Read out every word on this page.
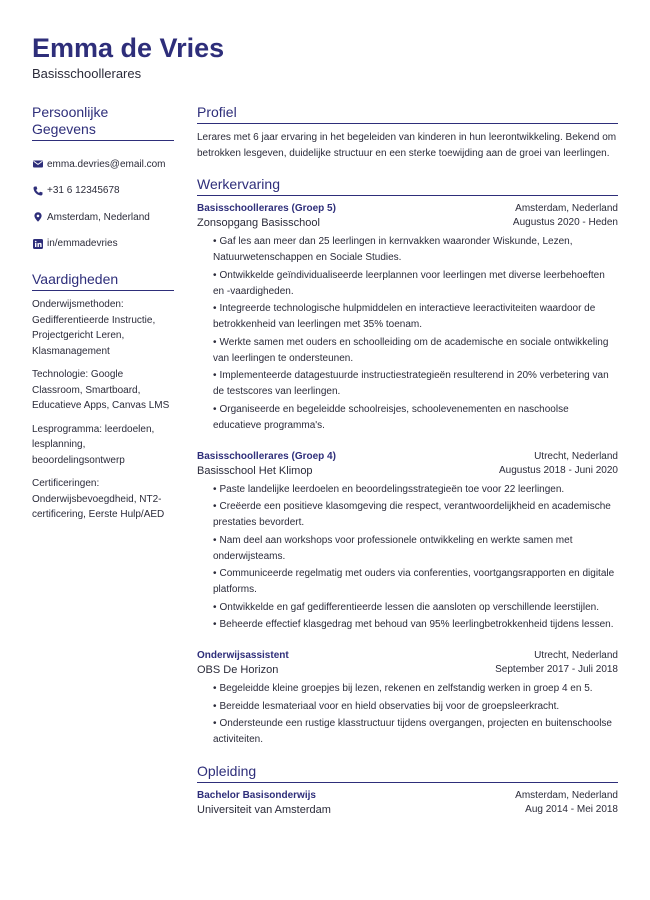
Emma de Vries
Basisschoollerares
Persoonlijke Gegevens
emma.devries@email.com
+31 6 12345678
Amsterdam, Nederland
in/emmadevries
Vaardigheden
Onderwijsmethoden: Gedifferentieerde Instructie, Projectgericht Leren, Klasmanagement
Technologie: Google Classroom, Smartboard, Educatieve Apps, Canvas LMS
Lesprogramma: leerdoelen, lesplanning, beoordelingsontwerp
Certificeringen: Onderwijsbevoegdheid, NT2-certificering, Eerste Hulp/AED
Profiel
Lerares met 6 jaar ervaring in het begeleiden van kinderen in hun leerontwikkeling. Bekend om betrokken lesgeven, duidelijke structuur en een sterke toewijding aan de groei van leerlingen.
Werkervaring
Basisschoollerares (Groep 5)	Amsterdam, Nederland
Zonsopgang Basisschool	Augustus 2020 - Heden
• Gaf les aan meer dan 25 leerlingen in kernvakken waaronder Wiskunde, Lezen, Natuurwetenschappen en Sociale Studies.
• Ontwikkelde geïndividualiseerde leerplannen voor leerlingen met diverse leerbehoeften en -vaardigheden.
• Integreerde technologische hulpmiddelen en interactieve leeractiviteiten waardoor de betrokkenheid van leerlingen met 35% toenam.
• Werkte samen met ouders en schoolleiding om de academische en sociale ontwikkeling van leerlingen te ondersteunen.
• Implementeerde datagestuurde instructiestrategieën resulterend in 20% verbetering van de testscores van leerlingen.
• Organiseerde en begeleidde schoolreisjes, schoolevenementen en naschoolse educatieve programma's.
Basisschoollerares (Groep 4)	Utrecht, Nederland
Basisschool Het Klimop	Augustus 2018 - Juni 2020
• Paste landelijke leerdoelen en beoordelingsstrategieën toe voor 22 leerlingen.
• Creëerde een positieve klasomgeving die respect, verantwoordelijkheid en academische prestaties bevordert.
• Nam deel aan workshops voor professionele ontwikkeling en werkte samen met onderwijsteams.
• Communiceerde regelmatig met ouders via conferenties, voortgangsrapporten en digitale platforms.
• Ontwikkelde en gaf gedifferentieerde lessen die aansloten op verschillende leerstijlen.
• Beheerde effectief klasgedrag met behoud van 95% leerlingbetrokkenheid tijdens lessen.
Onderwijsassistent	Utrecht, Nederland
OBS De Horizon	September 2017 - Juli 2018
• Begeleidde kleine groepjes bij lezen, rekenen en zelfstandig werken in groep 4 en 5.
• Bereidde lesmateriaal voor en hield observaties bij voor de groepsleerkracht.
• Ondersteunde een rustige klasstructuur tijdens overgangen, projecten en buitenschoolse activiteiten.
Opleiding
Bachelor Basisonderwijs	Amsterdam, Nederland
Universiteit van Amsterdam	Aug 2014 - Mei 2018
